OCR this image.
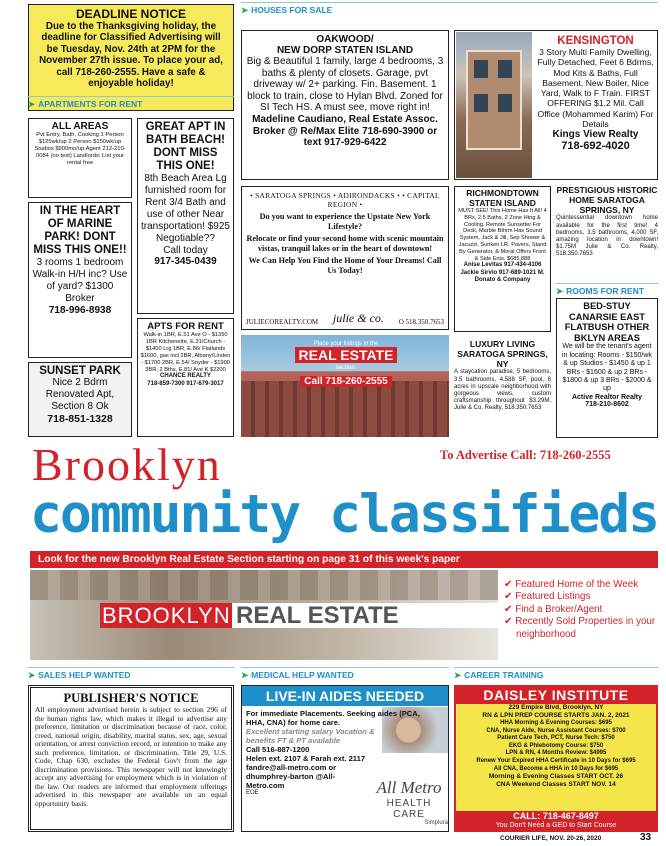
DEADLINE NOTICE
Due to the Thanksgiving holiday, the deadline for Classified Advertising will be Tuesday, Nov. 24th at 2PM for the November 27th issue. To place your ad, call 718-260-2555. Have a safe & enjoyable holiday!
➤ HOUSES FOR SALE
➤ APARTMENTS FOR RENT
➤ ROOMS FOR RENT
ALL AREAS
Pvt Entry, Bath, Cooking 1 Person $125wk/up 2 Person $150wk/up Studios $900mo/up Agent 212-210-0084 (no text) Landlords: List your rental free
IN THE HEART OF MARINE PARK! DONT MISS THIS ONE!!
3 rooms 1 bedroom Walk-in H/H inc? Use of yard? $1300 Broker
718-996-8938
SUNSET PARK
Nice 2 Bdrm Renovated Apt, Section 8 Ok
718-851-1328
GREAT APT IN BATH BEACH! DONT MISS THIS ONE!
8th Beach Area Lg furnished room for Rent 3/4 Bath and use of other Near transportation! $925 Negotiable??
Call today
917-345-0439
APTS FOR RENT
Walk-in 1BR, E.51 Ave O - $1350 1BR Kitchenette, E.31/Church - $1450 Lrg 1BR, E.86/ Flatlands $1600, gas incl 2BR, Albany/Linden - $1700 2BR, E.54/ Snyder - $1900 3BR, 2 Bths, E.81/ Ave K $2200
CHANCE REALTY
718-859-7300 917-679-3017
OAKWOOD/
NEW DORP STATEN ISLAND
Big & Beautiful 1 family, large 4 bedrooms, 3 baths & plenty of closets. Garage, pvt driveway w/ 2+ parking. Fin. Basement. 1 block to train, close to Hylan Blvd. Zoned for SI Tech HS. A must see, move right in!
Madeline Caudiano, Real Estate Assoc. Broker @ Re/Max Elite 718-690-3900 or text 917-929-6422
KENSINGTON
3 Story Multi Family Dwelling, Fully Detached, Feet 6 Bdrms, Mod Kits & Baths, Full Basement, New Boiler, Nice Yard, Walk to F Train. FIRST OFFERING $1.2 Mil. Call Office (Mohammed Karim) For Details
Kings View Realty
718-692-4020
• SARATOGA SPRINGS • ADIRONDACKS • • CAPITAL REGION •
Do you want to experience the Upstate New York Lifestyle?
Relocate or find your second home with scenic mountain vistas, tranquil lakes or in the heart of downtown!
We Can Help You Find the Home of Your Dreams! Call Us Today!
JULIECOREALTY.COM julie & co. O 518.350.7653
Place your listings in the
REAL ESTATE
section.
Call 718-260-2555
RICHMONDTOWN STATEN ISLAND
MUST SEE! This Home Has It All! 4 BRs, 2.5 Baths, 2 Zone Htng & Cooling, Remote Sunsetter For Deck, Marble Bthrm Has Sound System, Jack & Jill, Sep Shower & Jacuzzi, Sunken LR, Pavers, Stand By Generator, & Moral Offers Front & Side Ents. $685,888
Anise Levitas 917-434-4106 Jackie Sirvio 917-689-1021 M. Donato & Company
PRESTIGIOUS HISTORIC HOME SARATOGA SPRINGS, NY
Quintessential downtown home available for the first time! 4 bedrooms, 3.5 bathrooms, 4,000 SF, amazing location in downtown! $1.75M Julie & Co. Realty, 518.350.7653
LUXURY LIVING SARATOGA SPRINGS, NY
A staycation paradise, 5 bedrooms, 3.5 bathrooms, 4,588 SF, pool, 8 acres in upscale neighborhood with gorgeous views, custom craftsmanship throughout $3.29M, Julie & Co. Realty, 518.350.7653
BED-STUY CANARSIE EAST FLATBUSH OTHER BKLYN AREAS
We will be the tenant's agent in locating: Rooms - $150/wk & up Studios - $1450 & up 1 BRs - $1600 & up 2 BRs - $1800 & up 3 BRs - $2000 & up
Active Realtor Realty
718-210-8602
To Advertise Call: 718-260-2555
Brooklyn
community classifieds
Look for the new Brooklyn Real Estate Section starting on page 31 of this week's paper
BROOKLYN REAL ESTATE
✔ Featured Home of the Week
✔ Featured Listings
✔ Find a Broker/Agent
✔ Recently Sold Properties in your neighborhood
➤ SALES HELP WANTED	➤ MEDICAL HELP WANTED	➤ CAREER TRAINING
PUBLISHER'S NOTICE
All employment advertised herein is subject to section 296 of the human rights law, which makes it illegal to advertise any preference, limitation or discrimination because of race, color, creed, national origin, disability, marital status, sex, age, sexual orientation, or arrest conviction record, or intention to make any such preference, limitation, or discrimination. Title 29, U.S. Code, Chap 630, excludes the Federal Gov't from the age discrimination provisions. This newspaper will not knowingly accept any advertising for employment which is in violation of the law. Our readers are informed that employment offerings advertised in this newspaper are available on an equal opportunity basis.
LIVE-IN AIDES NEEDED
For immediate Placements. Seeking aides (PCA, HHA, CNA) for home care.
Excellent starting salary Vacation & benefits FT & PT available
Call 516-887-1200
Helen ext. 2107 & Farah ext. 2117 fandre@all-metro.com or dhumphrey-barton @All-Metro.com
EOE	All Metro
HEALTH CARE
Simplura
DAISLEY INSTITUTE
229 Empire Blvd, Brooklyn, NY
RN & LPN PREP COURSE STARTS JAN. 2, 2021
HHA Morning & Evening Courses: $695
CNA, Nurse Aide, Nurse Assistant Courses: $700
Patient Care Tech, PCT, Nurse Tech: $750
EKG & Phlebotomy Course: $750
LPN & RN, 4 Months Review: $4995
Renew Your Expired HHA Certificate in 10 Days for $695
All CNA, Become a HHA in 10 Days for $695
Morning & Evening Classes START OCT. 26
CNA Weekend Classes START NOV. 14
CALL: 718-467-8497
You Don't Need a GED to Start Course
COURIER LIFE, NOV. 20-26, 2020	33
